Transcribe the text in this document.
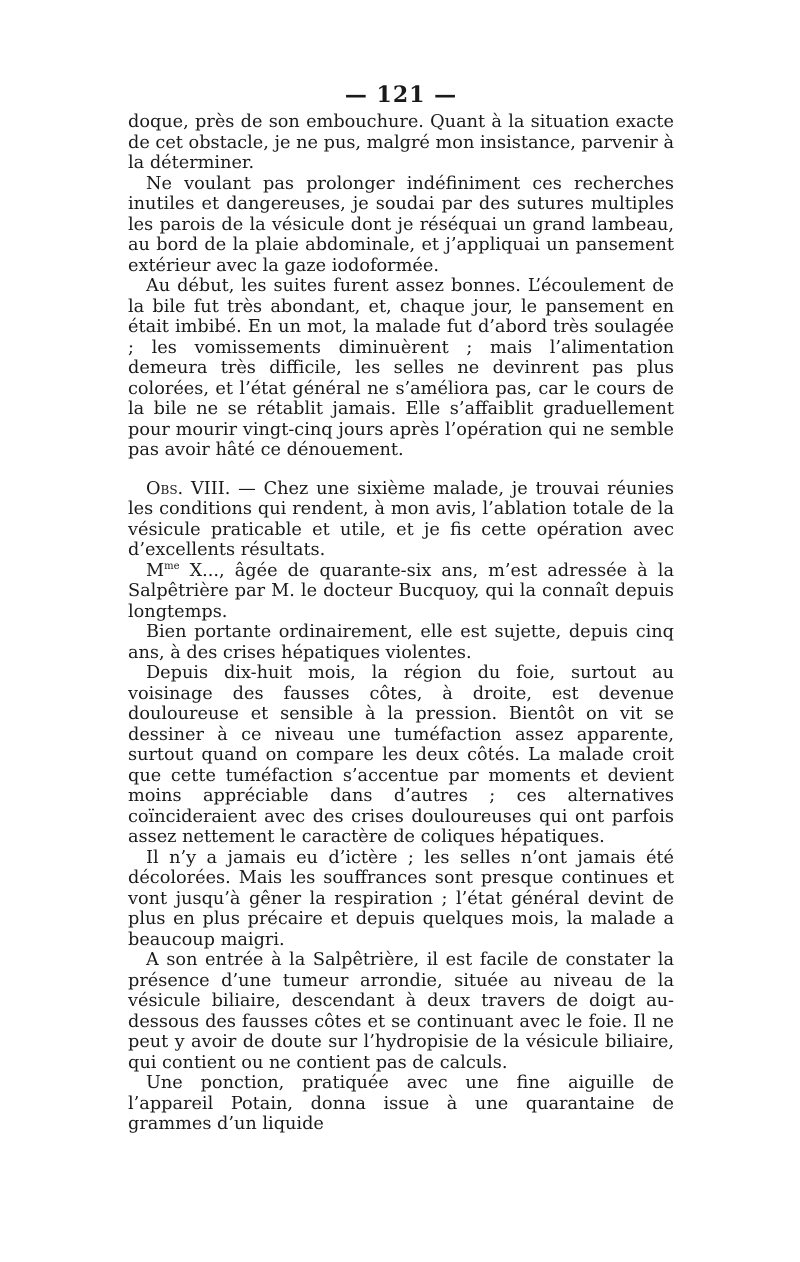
— 121 —

doque, près de son embouchure. Quant à la situation exacte de cet obstacle, je ne pus, malgré mon insistance, parvenir à la déterminer.

Ne voulant pas prolonger indéfiniment ces recherches inutiles et dangereuses, je soudai par des sutures multiples les parois de la vésicule dont je réséquai un grand lambeau, au bord de la plaie abdominale, et j’appliquai un pansement extérieur avec la gaze iodoformée.

Au début, les suites furent assez bonnes. L’écoulement de la bile fut très abondant, et, chaque jour, le pansement en était imbibé. En un mot, la malade fut d’abord très soulagée ; les vomissements diminuèrent ; mais l’alimentation demeura très difficile, les selles ne devinrent pas plus colorées, et l’état général ne s’améliora pas, car le cours de la bile ne se rétablit jamais. Elle s’affaiblit graduellement pour mourir vingt-cinq jours après l’opération qui ne semble pas avoir hâté ce dénouement.

Obs. VIII. — Chez une sixième malade, je trouvai réunies les conditions qui rendent, à mon avis, l’ablation totale de la vésicule praticable et utile, et je fis cette opération avec d’excellents résultats.

$M^{me}$ X..., âgée de quarante-six ans, m’est adressée à la Salpêtrière par M. le docteur Bucquoy, qui la connaît depuis longtemps.

Bien portante ordinairement, elle est sujette, depuis cinq ans, à des crises hépatiques violentes.

Depuis dix-huit mois, la région du foie, surtout au voisinage des fausses côtes, à droite, est devenue douloureuse et sensible à la pression. Bientôt on vit se dessiner à ce niveau une tuméfaction assez apparente, surtout quand on compare les deux côtés. La malade croit que cette tuméfaction s’accentue par moments et devient moins appréciable dans d’autres ; ces alternatives coïncideraient avec des crises douloureuses qui ont parfois assez nettement le caractère de coliques hépatiques.

Il n’y a jamais eu d’ictère ; les selles n’ont jamais été décolorées. Mais les souffrances sont presque continues et vont jusqu’à gêner la respiration ; l’état général devint de plus en plus précaire et depuis quelques mois, la malade a beaucoup maigri.

A son entrée à la Salpêtrière, il est facile de constater la présence d’une tumeur arrondie, située au niveau de la vésicule biliaire, descendant à deux travers de doigt au-dessous des fausses côtes et se continuant avec le foie. Il ne peut y avoir de doute sur l’hydropisie de la vésicule biliaire, qui contient ou ne contient pas de calculs.

Une ponction, pratiquée avec une fine aiguille de l’appareil Potain, donna issue à une quarantaine de grammes d’un liquide
